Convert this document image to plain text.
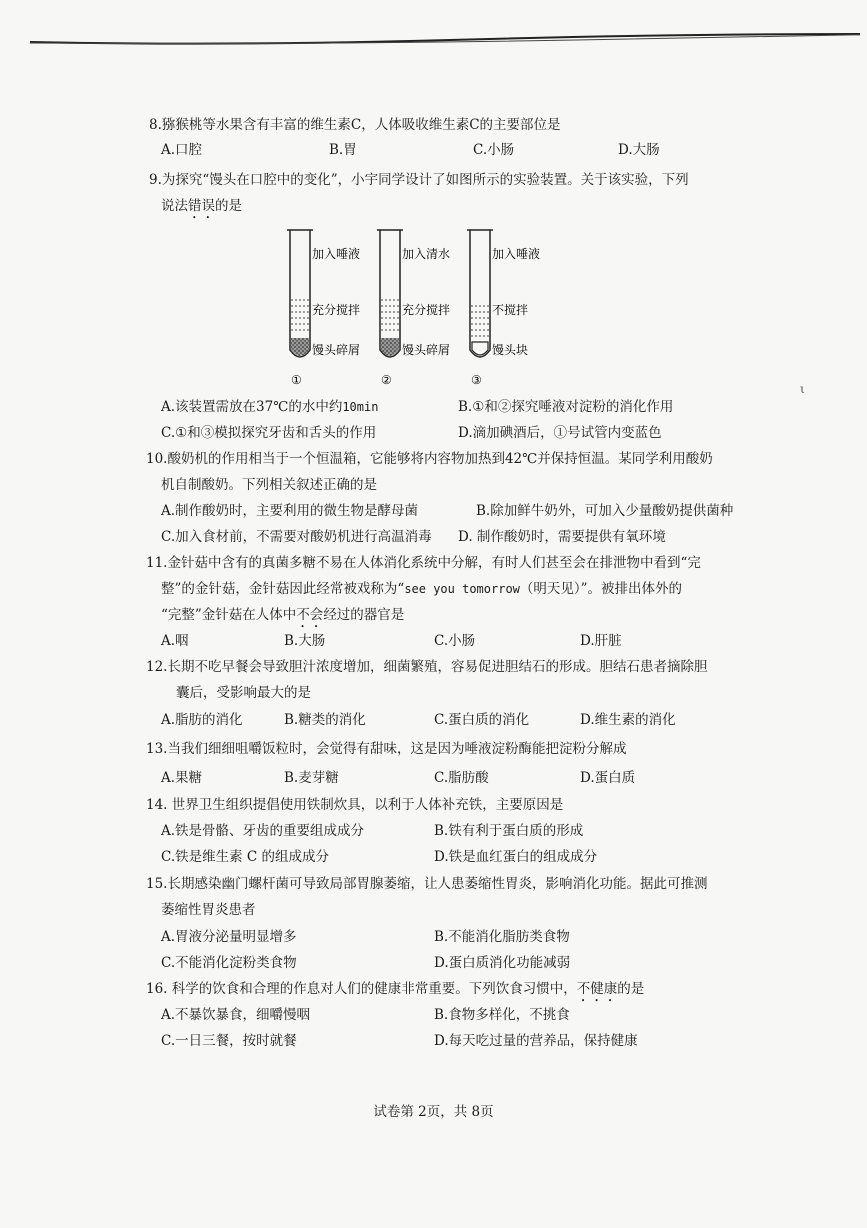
8.猕猴桃等水果含有丰富的维生素C，人体吸收维生素C的主要部位是
A.口腔	B.胃	C.小肠	D.大肠
9.为探究“馒头在口腔中的变化”，小宇同学设计了如图所示的实验装置。关于该实验，下列
说法错误的是
加入唾液
充分搅拌
馒头碎屑
①
加入清水
充分搅拌
馒头碎屑
②
加入唾液
不搅拌
馒头块
③
A.该装置需放在37℃的水中约10min	B.①和②探究唾液对淀粉的消化作用
C.①和③模拟探究牙齿和舌头的作用	D.滴加碘酒后，①号试管内变蓝色
10.酸奶机的作用相当于一个恒温箱，它能够将内容物加热到42℃并保持恒温。某同学利用酸奶
机自制酸奶。下列相关叙述正确的是
A.制作酸奶时，主要利用的微生物是酵母菌	B.除加鲜牛奶外，可加入少量酸奶提供菌种
C.加入食材前，不需要对酸奶机进行高温消毒 D. 制作酸奶时，需要提供有氧环境
11.金针菇中含有的真菌多糖不易在人体消化系统中分解，有时人们甚至会在排泄物中看到“完
整”的金针菇，金针菇因此经常被戏称为“see you tomorrow（明天见）”。被排出体外的
“完整”金针菇在人体中不会经过的器官是
A.咽	B.大肠	C.小肠	D.肝脏
12.长期不吃早餐会导致胆汁浓度增加，细菌繁殖，容易促进胆结石的形成。胆结石患者摘除胆
囊后，受影响最大的是
A.脂肪的消化	B.糖类的消化	C.蛋白质的消化	D.维生素的消化
13.当我们细细咀嚼饭粒时，会觉得有甜味，这是因为唾液淀粉酶能把淀粉分解成
A.果糖	B.麦芽糖	C.脂肪酸	D.蛋白质
14. 世界卫生组织提倡使用铁制炊具，以利于人体补充铁，主要原因是
A.铁是骨骼、牙齿的重要组成成分	B.铁有利于蛋白质的形成
C.铁是维生素 C 的组成成分	D.铁是血红蛋白的组成成分
15.长期感染幽门螺杆菌可导致局部胃腺萎缩，让人患萎缩性胃炎，影响消化功能。据此可推测
萎缩性胃炎患者
A.胃液分泌量明显增多	B.不能消化脂肪类食物
C.不能消化淀粉类食物	D.蛋白质消化功能减弱
16. 科学的饮食和合理的作息对人们的健康非常重要。下列饮食习惯中，不健康的是
A.不暴饮暴食，细嚼慢咽	B.食物多样化，不挑食
C.一日三餐，按时就餐	D.每天吃过量的营养品，保持健康
ι
试卷第 2页，共 8页
